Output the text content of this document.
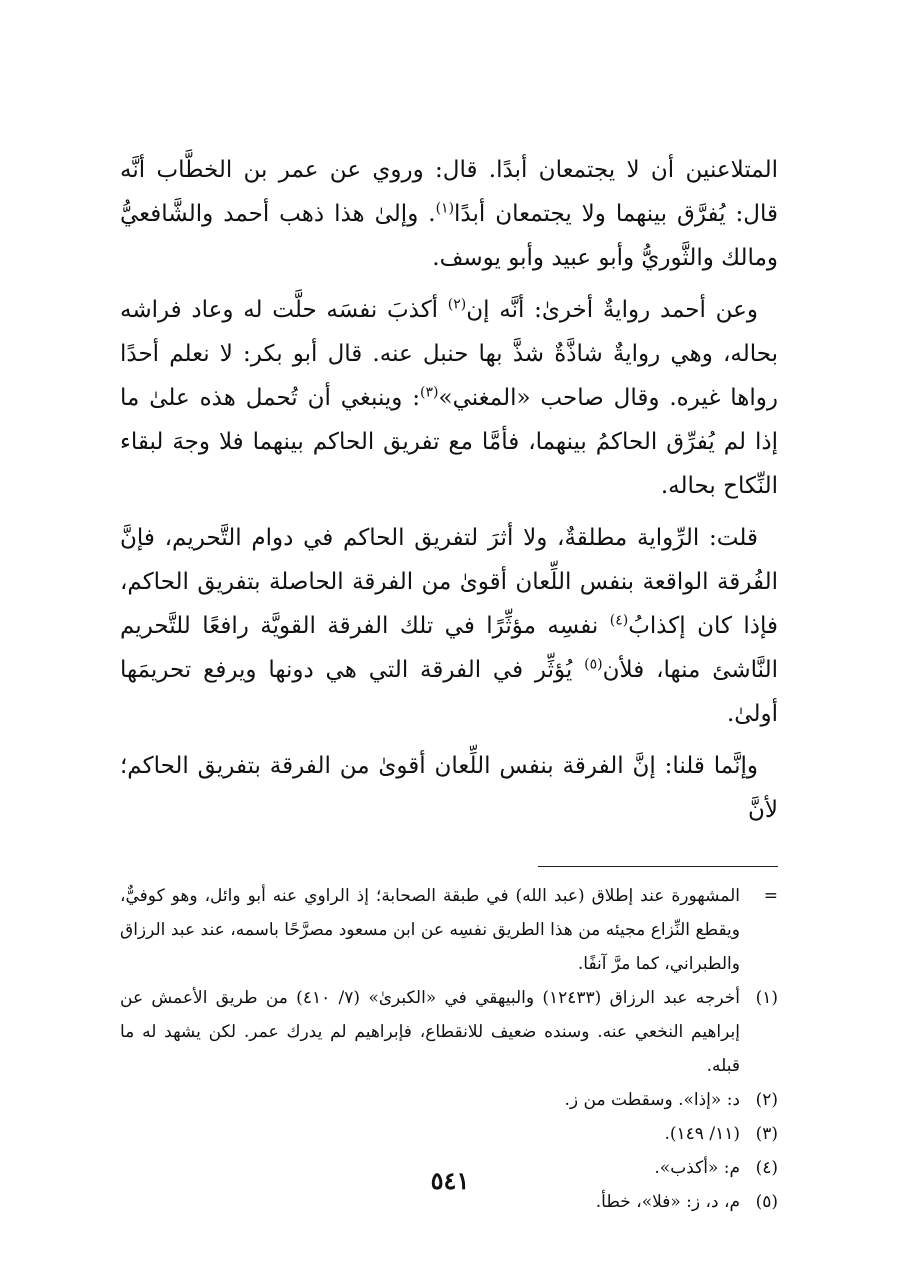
المتلاعنين أن لا يجتمعان أبدًا. قال: وروي عن عمر بن الخطَّاب أنَّه قال: يُفرَّق بينهما ولا يجتمعان أبدًا$^{(١)}$. وإلىٰ هذا ذهب أحمد والشَّافعيُّ ومالك والثَّوريُّ وأبو عبيد وأبو يوسف.

وعن أحمد روايةٌ أخرىٰ: أنَّه إن$^{(٢)}$ أكذبَ نفسَه حلَّت له وعاد فراشه بحاله، وهي روايةٌ شاذَّةٌ شذَّ بها حنبل عنه. قال أبو بكر: لا نعلم أحدًا رواها غيره. وقال صاحب «المغني»$^{(٣)}$: وينبغي أن تُحمل هذه علىٰ ما إذا لم يُفرِّق الحاكمُ بينهما، فأمَّا مع تفريق الحاكم بينهما فلا وجهَ لبقاء النِّكاح بحاله.

قلت: الرِّواية مطلقةٌ، ولا أثرَ لتفريق الحاكم في دوام التَّحريم، فإنَّ الفُرقة الواقعة بنفس اللِّعان أقوىٰ من الفرقة الحاصلة بتفريق الحاكم، فإذا كان إكذابُ$^{(٤)}$ نفسِه مؤثِّرًا في تلك الفرقة القويَّة رافعًا للتَّحريم النَّاشئ منها، فلأن$^{(٥)}$ يُؤثِّر في الفرقة التي هي دونها ويرفع تحريمَها أولىٰ.

وإنَّما قلنا: إنَّ الفرقة بنفس اللِّعان أقوىٰ من الفرقة بتفريق الحاكم؛ لأنَّ

=
المشهورة عند إطلاق (عبد الله) في طبقة الصحابة؛ إذ الراوي عنه أبو وائل، وهو كوفيٌّ، ويقطع النِّزاع مجيئه من هذا الطريق نفسِه عن ابن مسعود مصرَّحًا باسمه، عند عبد الرزاق والطبراني، كما مرَّ آنفًا.
(١)
أخرجه عبد الرزاق (١٢٤٣٣) والبيهقي في «الكبرىٰ» (٧/ ٤١٠) من طريق الأعمش عن إبراهيم النخعي عنه. وسنده ضعيف للانقطاع، فإبراهيم لم يدرك عمر. لكن يشهد له ما قبله.
(٢)
د: «إذا». وسقطت من ز.
(٣)
(١١/ ١٤٩).
(٤)
م: «أكذب».
(٥)
م، د، ز: «فلا»، خطأ.
٥٤١
